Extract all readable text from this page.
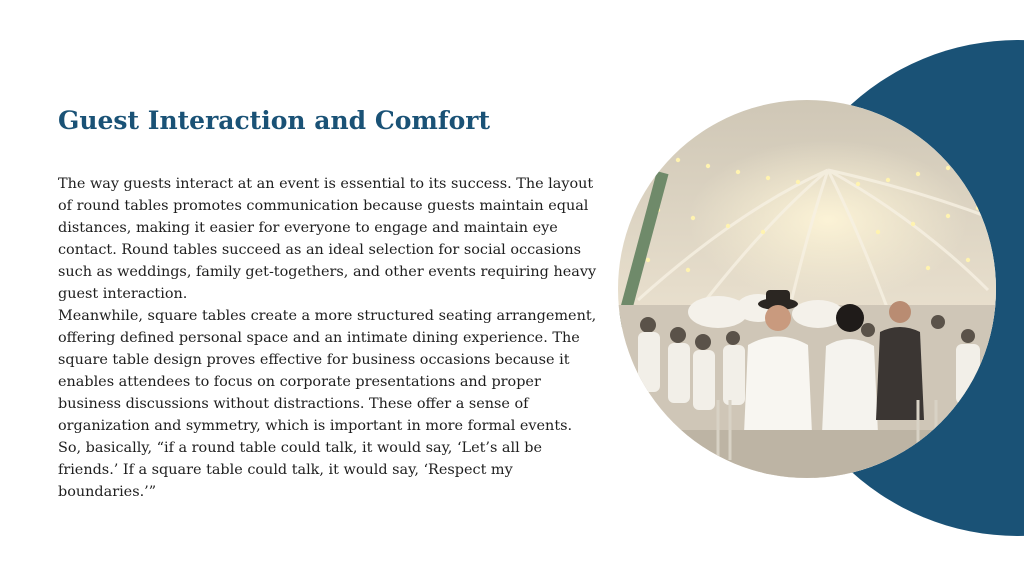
Guest Interaction and Comfort

The way guests interact at an event is essential to its success. The layout of round tables promotes communication because guests maintain equal distances, making it easier for everyone to engage and maintain eye contact. Round tables succeed as an ideal selection for social occasions such as weddings, family get-togethers, and other events requiring heavy guest interaction.

Meanwhile, square tables create a more structured seating arrangement, offering defined personal space and an intimate dining experience. The square table design proves effective for business occasions because it enables attendees to focus on corporate presentations and proper business discussions without distractions. These offer a sense of organization and symmetry, which is important in more formal events.

So, basically, “if a round table could talk, it would say, ‘Let’s all be friends.’ If a square table could talk, it would say, ‘Respect my boundaries.’”
